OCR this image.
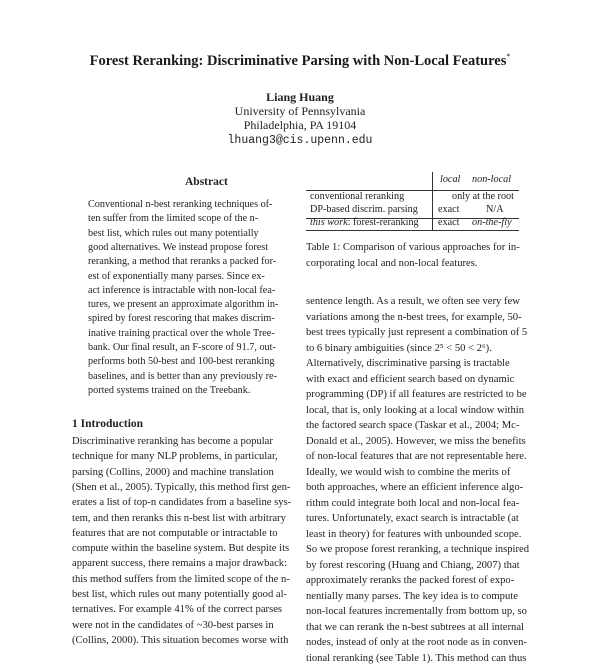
Forest Reranking: Discriminative Parsing with Non-Local Features*
Liang Huang
University of Pennsylvania
Philadelphia, PA 19104
lhuang3@cis.upenn.edu
Abstract
Conventional n-best reranking techniques of-
ten suffer from the limited scope of the n-
best list, which rules out many potentially
good alternatives. We instead propose forest
reranking, a method that reranks a packed for-
est of exponentially many parses. Since ex-
act inference is intractable with non-local fea-
tures, we present an approximate algorithm in-
spired by forest rescoring that makes discrim-
inative training practical over the whole Tree-
bank. Our final result, an F-score of 91.7, out-
performs both 50-best and 100-best reranking
baselines, and is better than any previously re-
ported systems trained on the Treebank.
1 Introduction
Discriminative reranking has become a popular
technique for many NLP problems, in particular,
parsing (Collins, 2000) and machine translation
(Shen et al., 2005). Typically, this method first gen-
erates a list of top-n candidates from a baseline sys-
tem, and then reranks this n-best list with arbitrary
features that are not computable or intractable to
compute within the baseline system. But despite its
apparent success, there remains a major drawback:
this method suffers from the limited scope of the n-
best list, which rules out many potentially good al-
ternatives. For example 41% of the correct parses
were not in the candidates of ~30-best parses in
(Collins, 2000). This situation becomes worse with
local non-local
conventional reranking	only at the root
DP-based discrim. parsing exact	N/A
this work: forest-reranking exact on-the-fly
Table 1: Comparison of various approaches for in-
corporating local and non-local features.
sentence length. As a result, we often see very few
variations among the n-best trees, for example, 50-
best trees typically just represent a combination of 5
to 6 binary ambiguities (since 2⁵ < 50 < 2⁶).
Alternatively, discriminative parsing is tractable
with exact and efficient search based on dynamic
programming (DP) if all features are restricted to be
local, that is, only looking at a local window within
the factored search space (Taskar et al., 2004; Mc-
Donald et al., 2005). However, we miss the benefits
of non-local features that are not representable here.
Ideally, we would wish to combine the merits of
both approaches, where an efficient inference algo-
rithm could integrate both local and non-local fea-
tures. Unfortunately, exact search is intractable (at
least in theory) for features with unbounded scope.
So we propose forest reranking, a technique inspired
by forest rescoring (Huang and Chiang, 2007) that
approximately reranks the packed forest of expo-
nentially many parses. The key idea is to compute
non-local features incrementally from bottom up, so
that we can rerank the n-best subtrees at all internal
nodes, instead of only at the root node as in conven-
tional reranking (see Table 1). This method can thus
